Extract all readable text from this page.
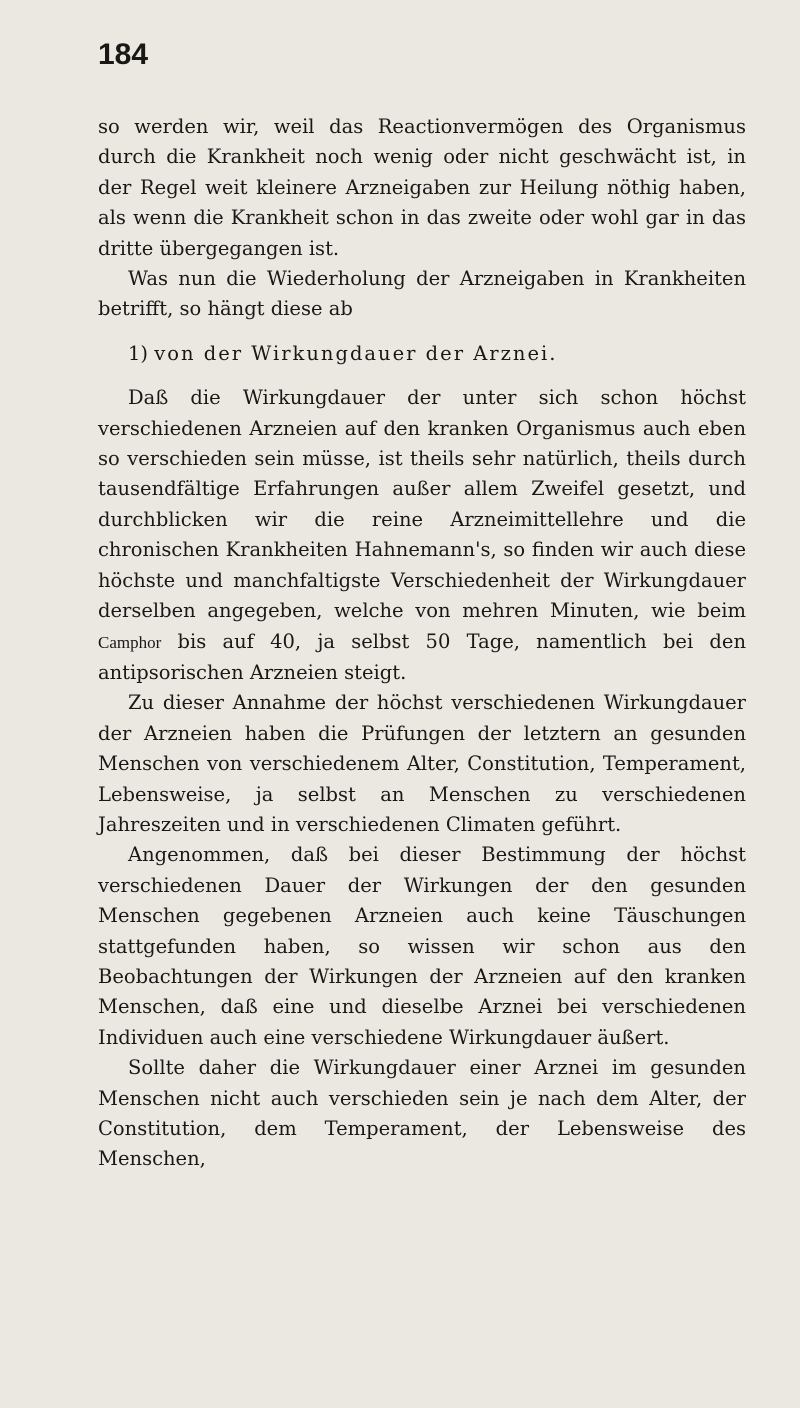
184

so werden wir, weil das Reactionvermögen des Organismus durch die Krankheit noch wenig oder nicht geschwächt ist, in der Regel weit kleinere Arzneigaben zur Heilung nöthig haben, als wenn die Krankheit schon in das zweite oder wohl gar in das dritte übergegangen ist.

Was nun die Wiederholung der Arzneigaben in Krankheiten betrifft, so hängt diese ab

1) von der Wirkungdauer der Arznei.

Daß die Wirkungdauer der unter sich schon höchst verschiedenen Arzneien auf den kranken Organismus auch eben so verschieden sein müsse, ist theils sehr natürlich, theils durch tausendfältige Erfahrungen außer allem Zweifel gesetzt, und durchblicken wir die reine Arzneimittellehre und die chronischen Krankheiten Hahnemann's, so finden wir auch diese höchste und manchfaltigste Verschiedenheit der Wirkungdauer derselben angegeben, welche von mehren Minuten, wie beim Camphor bis auf 40, ja selbst 50 Tage, namentlich bei den antipsorischen Arzneien steigt.

Zu dieser Annahme der höchst verschiedenen Wirkungdauer der Arzneien haben die Prüfungen der letztern an gesunden Menschen von verschiedenem Alter, Constitution, Temperament, Lebensweise, ja selbst an Menschen zu verschiedenen Jahreszeiten und in verschiedenen Climaten geführt.

Angenommen, daß bei dieser Bestimmung der höchst verschiedenen Dauer der Wirkungen der den gesunden Menschen gegebenen Arzneien auch keine Täuschungen stattgefunden haben, so wissen wir schon aus den Beobachtungen der Wirkungen der Arzneien auf den kranken Menschen, daß eine und dieselbe Arznei bei verschiedenen Individuen auch eine verschiedene Wirkungdauer äußert.

Sollte daher die Wirkungdauer einer Arznei im gesunden Menschen nicht auch verschieden sein je nach dem Alter, der Constitution, dem Temperament, der Lebensweise des Menschen,
